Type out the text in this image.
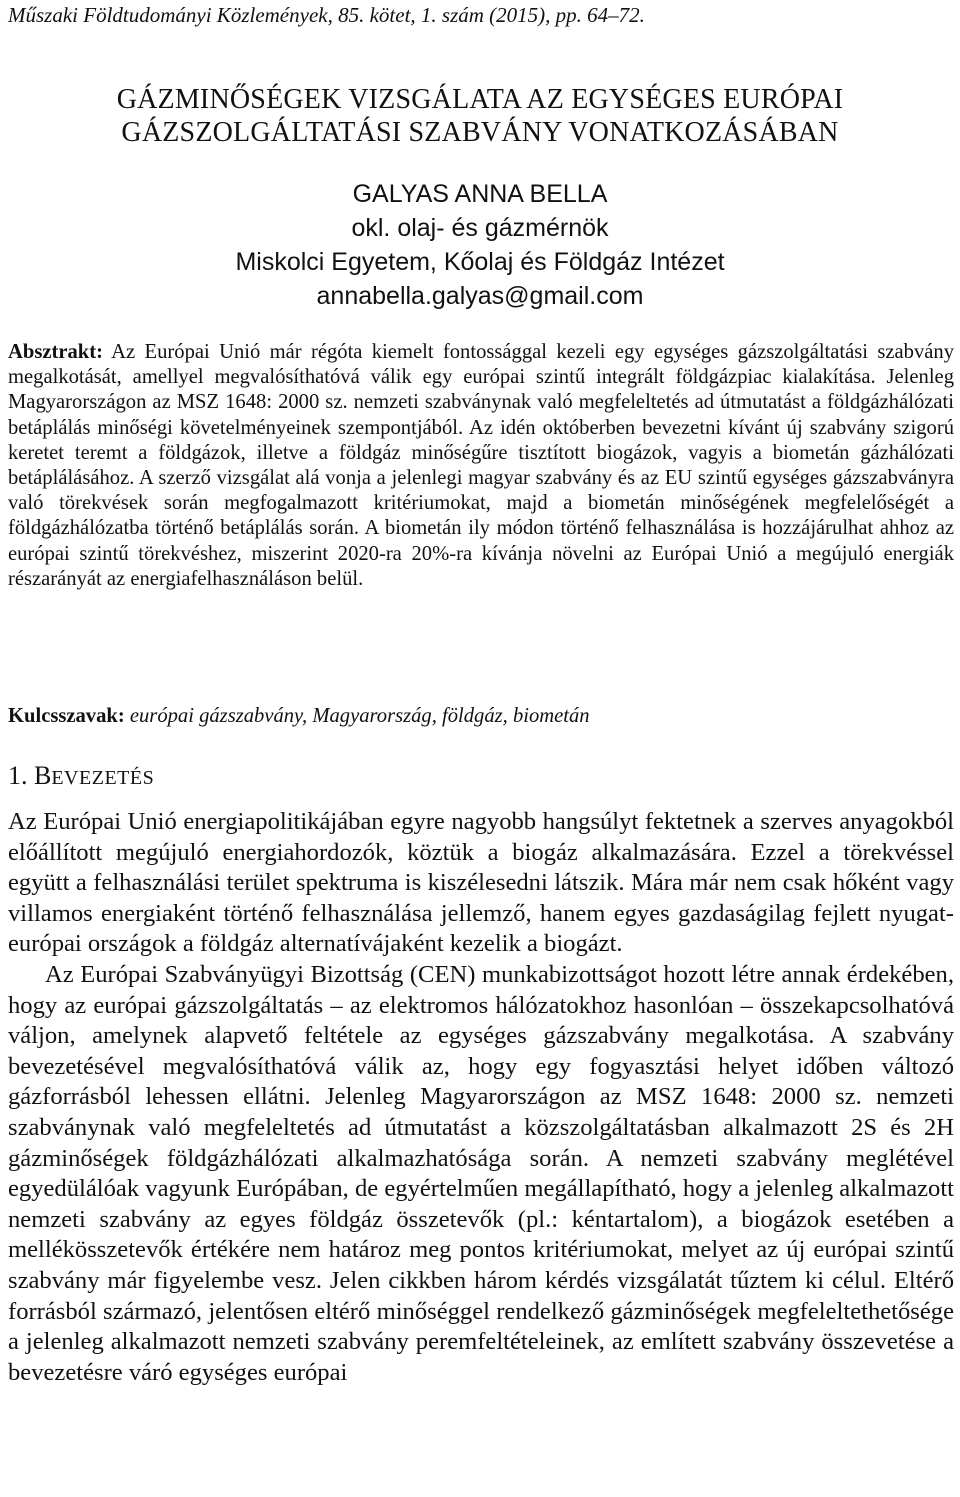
Műszaki Földtudományi Közlemények, 85. kötet, 1. szám (2015), pp. 64–72.
GÁZMINŐSÉGEK VIZSGÁLATA AZ EGYSÉGES EURÓPAI
GÁZSZOLGÁLTATÁSI SZABVÁNY VONATKOZÁSÁBAN
GALYAS ANNA BELLA
okl. olaj- és gázmérnök
Miskolci Egyetem, Kőolaj és Földgáz Intézet
annabella.galyas@gmail.com
Absztrakt: Az Európai Unió már régóta kiemelt fontossággal kezeli egy egységes gázszolgáltatási szabvány megalkotását, amellyel megvalósíthatóvá válik egy európai szintű integrált földgázpiac kialakítása. Jelenleg Magyarországon az MSZ 1648: 2000 sz. nemzeti szabványnak való megfeleltetés ad útmutatást a földgázhálózati betáplálás minőségi követelményeinek szempontjából. Az idén októberben bevezetni kívánt új szabvány szigorú keretet teremt a földgázok, illetve a földgáz minőségűre tisztított biogázok, vagyis a biometán gázhálózati betáplálásához. A szerző vizsgálat alá vonja a jelenlegi magyar szabvány és az EU szintű egységes gázszabványra való törekvések során megfogalmazott kritériumokat, majd a biometán minőségének megfelelőségét a földgázhálózatba történő betáplálás során. A biometán ily módon történő felhasználása is hozzájárulhat ahhoz az európai szintű törekvéshez, miszerint 2020-ra 20%-ra kívánja növelni az Európai Unió a megújuló energiák részarányát az energiafelhasználáson belül.
Kulcsszavak: európai gázszabvány, Magyarország, földgáz, biometán
1. BEVEZETÉS

Az Európai Unió energiapolitikájában egyre nagyobb hangsúlyt fektetnek a szerves anyagokból előállított megújuló energiahordozók, köztük a biogáz alkalmazására. Ezzel a törekvéssel együtt a felhasználási terület spektruma is kiszélesedni látszik. Mára már nem csak hőként vagy villamos energiaként történő felhasználása jellemző, hanem egyes gazdaságilag fejlett nyugat-európai országok a földgáz alternatívájaként kezelik a biogázt.

Az Európai Szabványügyi Bizottság (CEN) munkabizottságot hozott létre annak érdekében, hogy az európai gázszolgáltatás – az elektromos hálózatokhoz hasonlóan – összekapcsolhatóvá váljon, amelynek alapvető feltétele az egységes gázszabvány megalkotása. A szabvány bevezetésével megvalósíthatóvá válik az, hogy egy fogyasztási helyet időben változó gázforrásból lehessen ellátni. Jelenleg Magyarországon az MSZ 1648: 2000 sz. nemzeti szabványnak való megfeleltetés ad útmutatást a közszolgáltatásban alkalmazott 2S és 2H gázminőségek földgázhálózati alkalmazhatósága során. A nemzeti szabvány meglétével egyedülálóak vagyunk Európában, de egyértelműen megállapítható, hogy a jelenleg alkalmazott nemzeti szabvány az egyes földgáz összetevők (pl.: kéntartalom), a biogázok esetében a mellékösszetevők értékére nem határoz meg pontos kritériumokat, melyet az új európai szintű szabvány már figyelembe vesz. Jelen cikkben három kérdés vizsgálatát tűztem ki célul. Eltérő forrásból származó, jelentősen eltérő minőséggel rendelkező gázminőségek megfeleltethetősége a jelenleg alkalmazott nemzeti szabvány peremfeltételeinek, az említett szabvány összevetése a bevezetésre váró egységes európai
